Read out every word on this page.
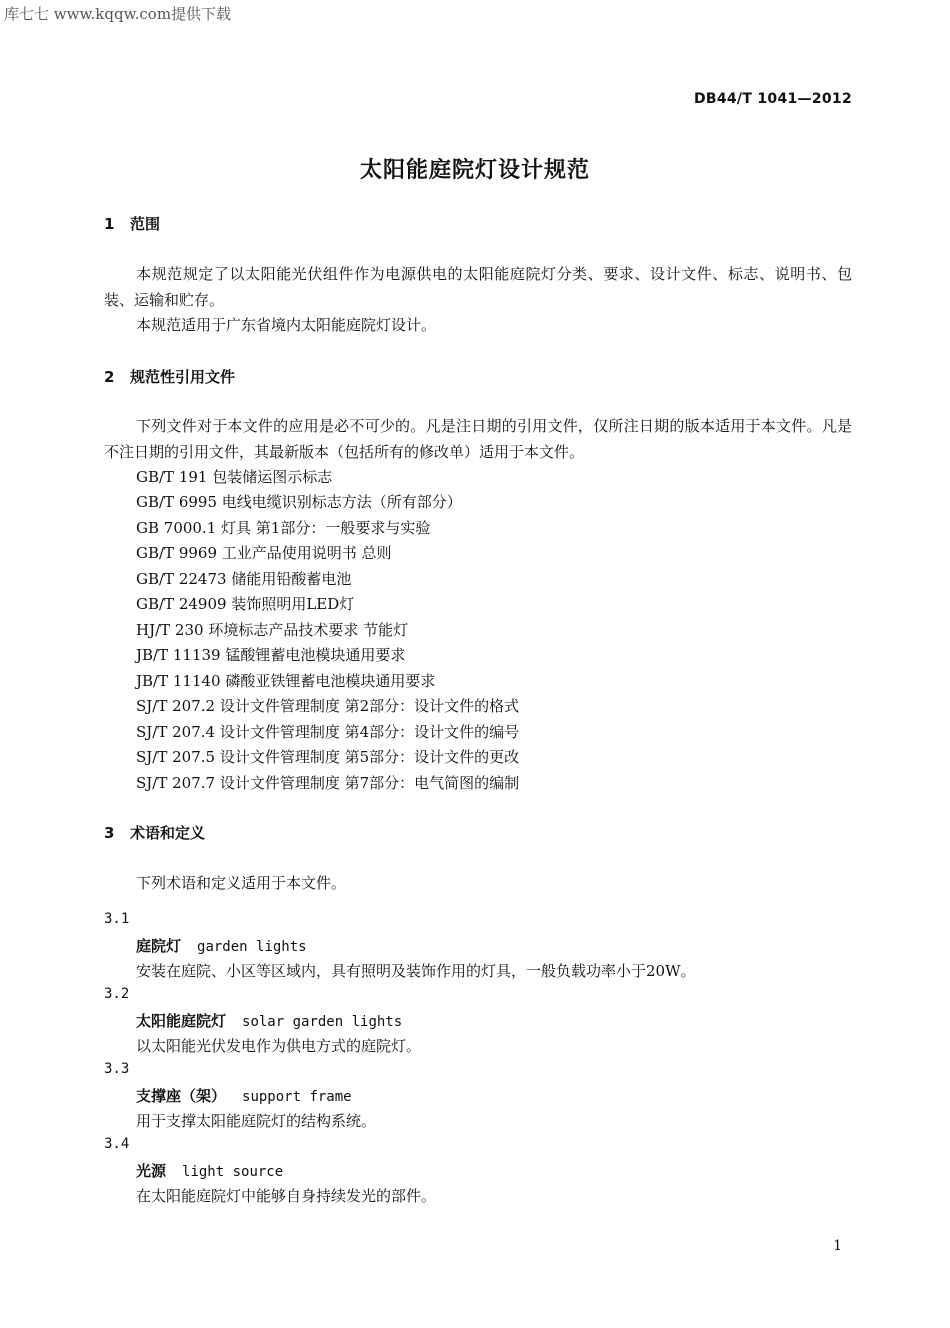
库七七 www.kqqw.com提供下载
DB44/T 1041—2012
太阳能庭院灯设计规范
1 范围
本规范规定了以太阳能光伏组件作为电源供电的太阳能庭院灯分类、要求、设计文件、标志、说明书、包装、运输和贮存。
本规范适用于广东省境内太阳能庭院灯设计。
2 规范性引用文件
下列文件对于本文件的应用是必不可少的。凡是注日期的引用文件，仅所注日期的版本适用于本文件。凡是不注日期的引用文件，其最新版本（包括所有的修改单）适用于本文件。
GB/T 191 包装储运图示标志
GB/T 6995 电线电缆识别标志方法（所有部分）
GB 7000.1 灯具 第1部分：一般要求与实验
GB/T 9969 工业产品使用说明书 总则
GB/T 22473 储能用铅酸蓄电池
GB/T 24909 装饰照明用LED灯
HJ/T 230 环境标志产品技术要求 节能灯
JB/T 11139 锰酸锂蓄电池模块通用要求
JB/T 11140 磷酸亚铁锂蓄电池模块通用要求
SJ/T 207.2 设计文件管理制度 第2部分：设计文件的格式
SJ/T 207.4 设计文件管理制度 第4部分：设计文件的编号
SJ/T 207.5 设计文件管理制度 第5部分：设计文件的更改
SJ/T 207.7 设计文件管理制度 第7部分：电气简图的编制
3 术语和定义
下列术语和定义适用于本文件。
3.1
庭院灯 garden lights
安装在庭院、小区等区域内，具有照明及装饰作用的灯具，一般负载功率小于20W。
3.2
太阳能庭院灯 solar garden lights
以太阳能光伏发电作为供电方式的庭院灯。
3.3
支撑座（架） support frame
用于支撑太阳能庭院灯的结构系统。
3.4
光源 light source
在太阳能庭院灯中能够自身持续发光的部件。
1
